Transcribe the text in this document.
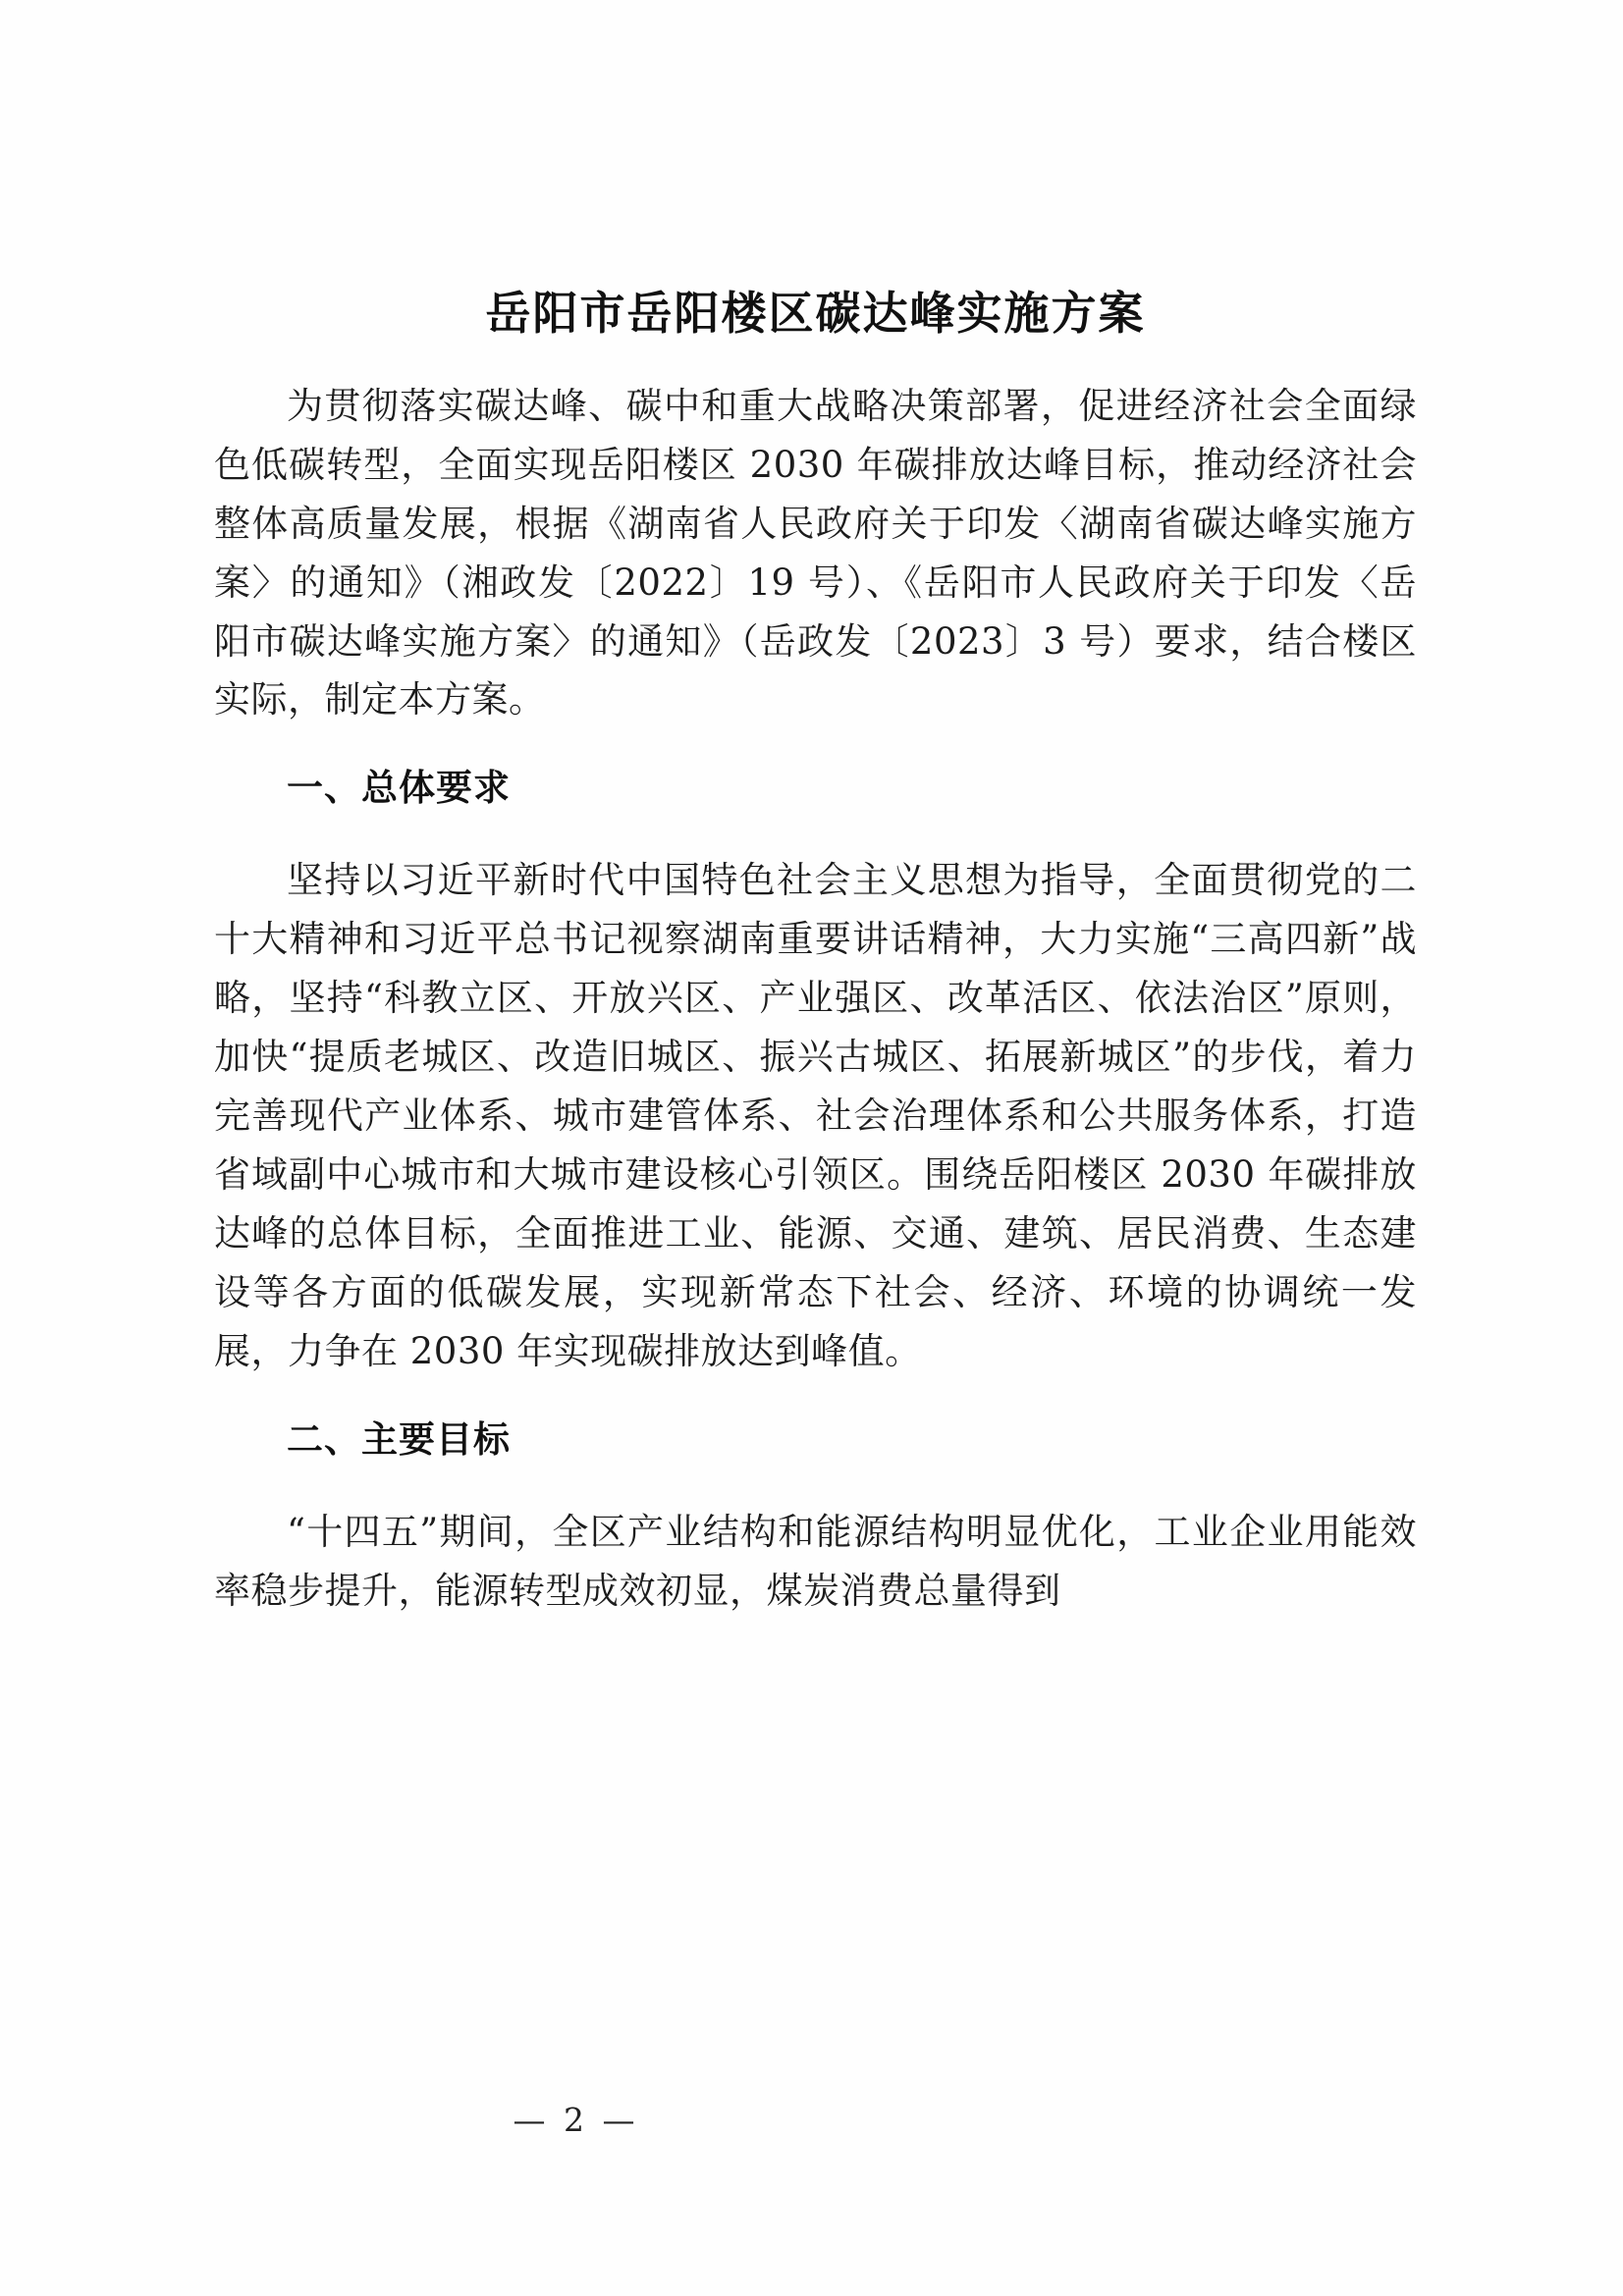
岳阳市岳阳楼区碳达峰实施方案
为贯彻落实碳达峰、碳中和重大战略决策部署，促进经济社会全面绿色低碳转型，全面实现岳阳楼区 2030 年碳排放达峰目标，推动经济社会整体高质量发展，根据《湖南省人民政府关于印发〈湖南省碳达峰实施方案〉的通知》（湘政发〔2022〕19 号）、《岳阳市人民政府关于印发〈岳阳市碳达峰实施方案〉的通知》（岳政发〔2023〕3 号）要求，结合楼区实际，制定本方案。
一、总体要求
坚持以习近平新时代中国特色社会主义思想为指导，全面贯彻党的二十大精神和习近平总书记视察湖南重要讲话精神，大力实施“三高四新”战略，坚持“科教立区、开放兴区、产业强区、改革活区、依法治区”原则，加快“提质老城区、改造旧城区、振兴古城区、拓展新城区”的步伐，着力完善现代产业体系、城市建管体系、社会治理体系和公共服务体系，打造省域副中心城市和大城市建设核心引领区。围绕岳阳楼区 2030 年碳排放达峰的总体目标，全面推进工业、能源、交通、建筑、居民消费、生态建设等各方面的低碳发展，实现新常态下社会、经济、环境的协调统一发展，力争在 2030 年实现碳排放达到峰值。
二、主要目标
“十四五”期间，全区产业结构和能源结构明显优化，工业企业用能效率稳步提升，能源转型成效初显，煤炭消费总量得到
— 2 —
